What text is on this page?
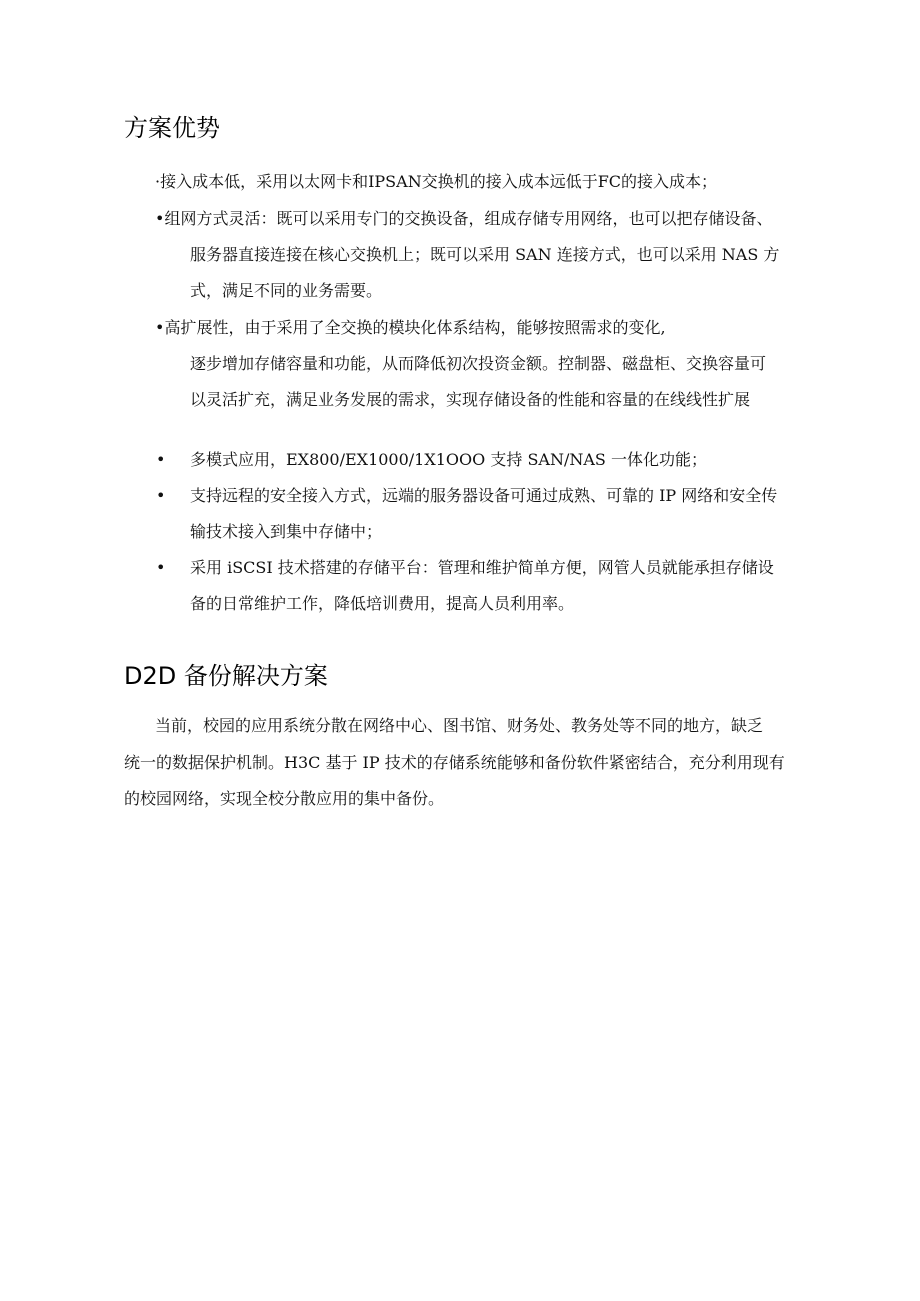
方案优势
·接入成本低，采用以太网卡和IPSAN交换机的接入成本远低于FC的接入成本；
•组网方式灵活：既可以采用专门的交换设备，组成存储专用网络，也可以把存储设备、
服务器直接连接在核心交换机上；既可以采用 SAN 连接方式，也可以采用 NAS 方
式，满足不同的业务需要。
•高扩展性，由于采用了全交换的模块化体系结构，能够按照需求的变化,
逐步增加存储容量和功能，从而降低初次投资金额。控制器、磁盘柜、交换容量可
以灵活扩充，满足业务发展的需求，实现存储设备的性能和容量的在线线性扩展
• 多模式应用，EX800/EX1000/1X1OOO 支持 SAN/NAS 一体化功能；
• 支持远程的安全接入方式，远端的服务器设备可通过成熟、可靠的 IP 网络和安全传
输技术接入到集中存储中；
• 采用 iSCSI 技术搭建的存储平台：管理和维护简单方便，网管人员就能承担存储设
备的日常维护工作，降低培训费用，提高人员利用率。
D2D 备份解决方案
当前，校园的应用系统分散在网络中心、图书馆、财务处、教务处等不同的地方，缺乏
统一的数据保护机制。H3C 基于 IP 技术的存储系统能够和备份软件紧密结合，充分利用现有
的校园网络，实现全校分散应用的集中备份。
